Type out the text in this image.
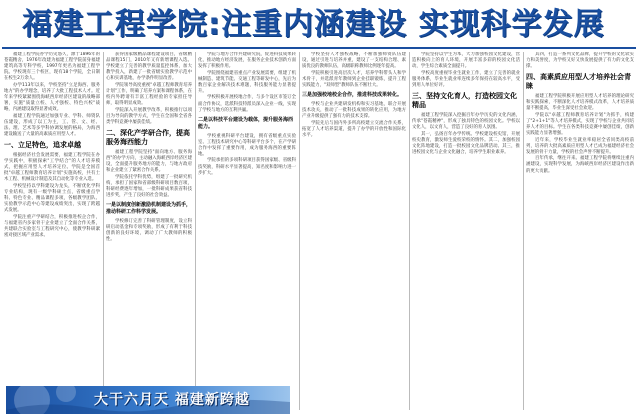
福建工程学院:注重内涵建设 实现科学发展

福建工程学院办学历史悠久，源于1896年的苍霞精舍，1976年改建为福建工程学院前身福建建筑高等专科学校，1997年更名为福建工程学院。学校现有三个校区，现有18个学院，全日制在校生2万余人。

办学113年以来，学校坚持"立足海西、服务地方"的办学理念，培养了大批工程技术人才。近年来学校紧紧围绕海峡西岸经济区建设的战略部署，实施"质量立校、人才强校、特色兴校"战略，内涵建设取得显著成效。

福建工程学院通过加强专业、学科、师资队伍建设，形成了以工为主，工、管、文、经、法、理、艺术等多学科协调发展的格局，为海西建设输送了大量的高素质应用型人才。

一、立足特色，追求卓越

根据经济社会发展需要，福建工程学院在办学实践中，积极探索"工学结合"的人才培养模式，把握应用型人才培养定位。学院是全国首批"卓越工程师教育培养计划"实施高校，共有土木工程、机械设计制造及其自动化等专业入选。

学校坚持以学科建设为龙头，不断优化学科专业结构，现有一级学科硕士点，省级重点学科、特色专业、精品课程多项，各级教学团队、实验教学示范中心等建设成绩突出，实现了跨越式发展。

学院注重产学研结合，积极推进校企合作，与福建省内多家骨干企业建立了全面合作关系，共建联合实验室与工程研究中心，使教学科研紧密对接区域产业需求。

获得国家级精品课程建设项目，省级精品课程15门，2010年又有新增课程入选。学校建立了完善的教学质量监控体系，加大教学投入，新建了一批省级实验教学示范中心和实训基地，办学条件明显改善。

学院领导高度重视"卓越工程师教育培养计划"工作，明确了培养方案和课程体系，在校内外聘请有丰富工程经验的专家担任导师，取得明显成效。

学院深入开展教学改革，积极推行以项目为导向的教学方式，学生在全国和全省各类学科竞赛中屡获佳绩。

二、深化产学研合作，提高服务海西能力

福建工程学院坚持"面向地方、服务海西"的办学方向，主动融入海峡西岸经济区建设，全面提升服务地方的能力，与地方政府和企业建立了紧密合作关系。

学院依托学科优势，组建了一批研究机构，承担了国家和省部级科研项目数百项，科研经费逐年增加，一批科研成果获省科技进步奖，产生了良好的社会效益。

一是以制度创新激励机制建设为抓手，推动科研工作科学发展。

学校修订完善了科研管理制度，设立科研启动基金和专项奖励，形成了有利于科技创新的良好环境，调动了广大教师的积极性。

学院与地方合作共建研究院，促进科技成果转化，推动地方经济发展，在服务企业技术创新方面发挥了积极作用。

学院围绕福建省重点产业发展需要，组建了机械制造、建筑节能、交通工程等研发中心，先后为数百家企业解决技术难题，科技服务能力显著提升。

学校积极开展校地合作，与多个设区市签订全面合作协议，选派科技特派员深入企业一线，实现了学校与地方的互利共赢。

二是以科技平台建设为载体，提升服务海西能力。

学校重视科研平台建设，拥有省级重点实验室、工程技术研究中心等科研平台多个，在产学研合作中发挥了重要作用，成为服务海西的重要阵地。

学院承担的多项科研项目获得国家级、省级科技奖励，科研水平显著提高，知名度和影响力进一步扩大。

学校坚持人才强校战略，不断加强师资队伍建设，通过引进与培养并重，建设了一支结构合理、素质优良的教师队伍，高级职称教师比例逐年提高。

学院积极引进高层次人才，培养学科带头人和学术骨干，并选派青年教师到企业挂职锻炼，提升工程实践能力，"双师型"教师队伍不断壮大。

三是加强校地校企合作，推进科技成果转化。

学校与企业共建研发机构和实习基地，联合开展技术攻关，推动了一批科技成果的转化应用，为地方产业升级提供了强有力的技术支撑。

学院先后与国内外多所高校建立交流合作关系，拓宽了人才培养渠道，提升了办学的开放性和国际化水平。

学院坚持以学生为本，大力加强校园文化建设，营造积极向上的育人环境，开展丰富多彩的校园文化活动，学生综合素质全面提升。

学校高度重视毕业生就业工作，建立了完善的就业服务体系，毕业生就业率连续多年保持在较高水平，受到用人单位好评。

三、坚持文化育人，打造校园文化精品

福建工程学院深入挖掘百年办学历史的文化内涵，传承"苍霞精神"，形成了独具特色的校园文化。学校以文化人，以文育人，营造了良好的育人氛围。

其一，弘扬百年办学传统。学校建设校史馆，开展校史教育，激发师生爱校荣校的情怀。其二，加强校园文化阵地建设，打造一批校园文化品牌活动。其三，推进校园文化与企业文化融合，培养学生职业素养。

其四，打造一系列文化品牌，提升学校的文化软实力和美誉度，为学校又好又快发展提供了有力的文化支撑。

四、高素质应用型人才培养社会青睐

福建工程学院积极开展应用型人才培养的理论研究和实践探索，不断深化人才培养模式改革，人才培养质量不断提高，毕业生深受社会欢迎。

学院以"卓越工程师教育培养计划"为抓手，构建了"2+1+1"等人才培养模式，实现了学校与企业共同培养人才的目标。学生在各类科技竞赛中屡创佳绩，创新实践能力显著增强。

近年来，学校毕业生就业率稳居全省同类高校前列，培养的大批高素质应用型人才已成为福建经济社会发展的骨干力量，学校的社会声誉不断提升。

百年传承，继往开来。福建工程学院将继续注重内涵建设，实现科学发展，为海峡西岸经济区建设作出新的更大贡献。

大干六月天 福建新跨越
